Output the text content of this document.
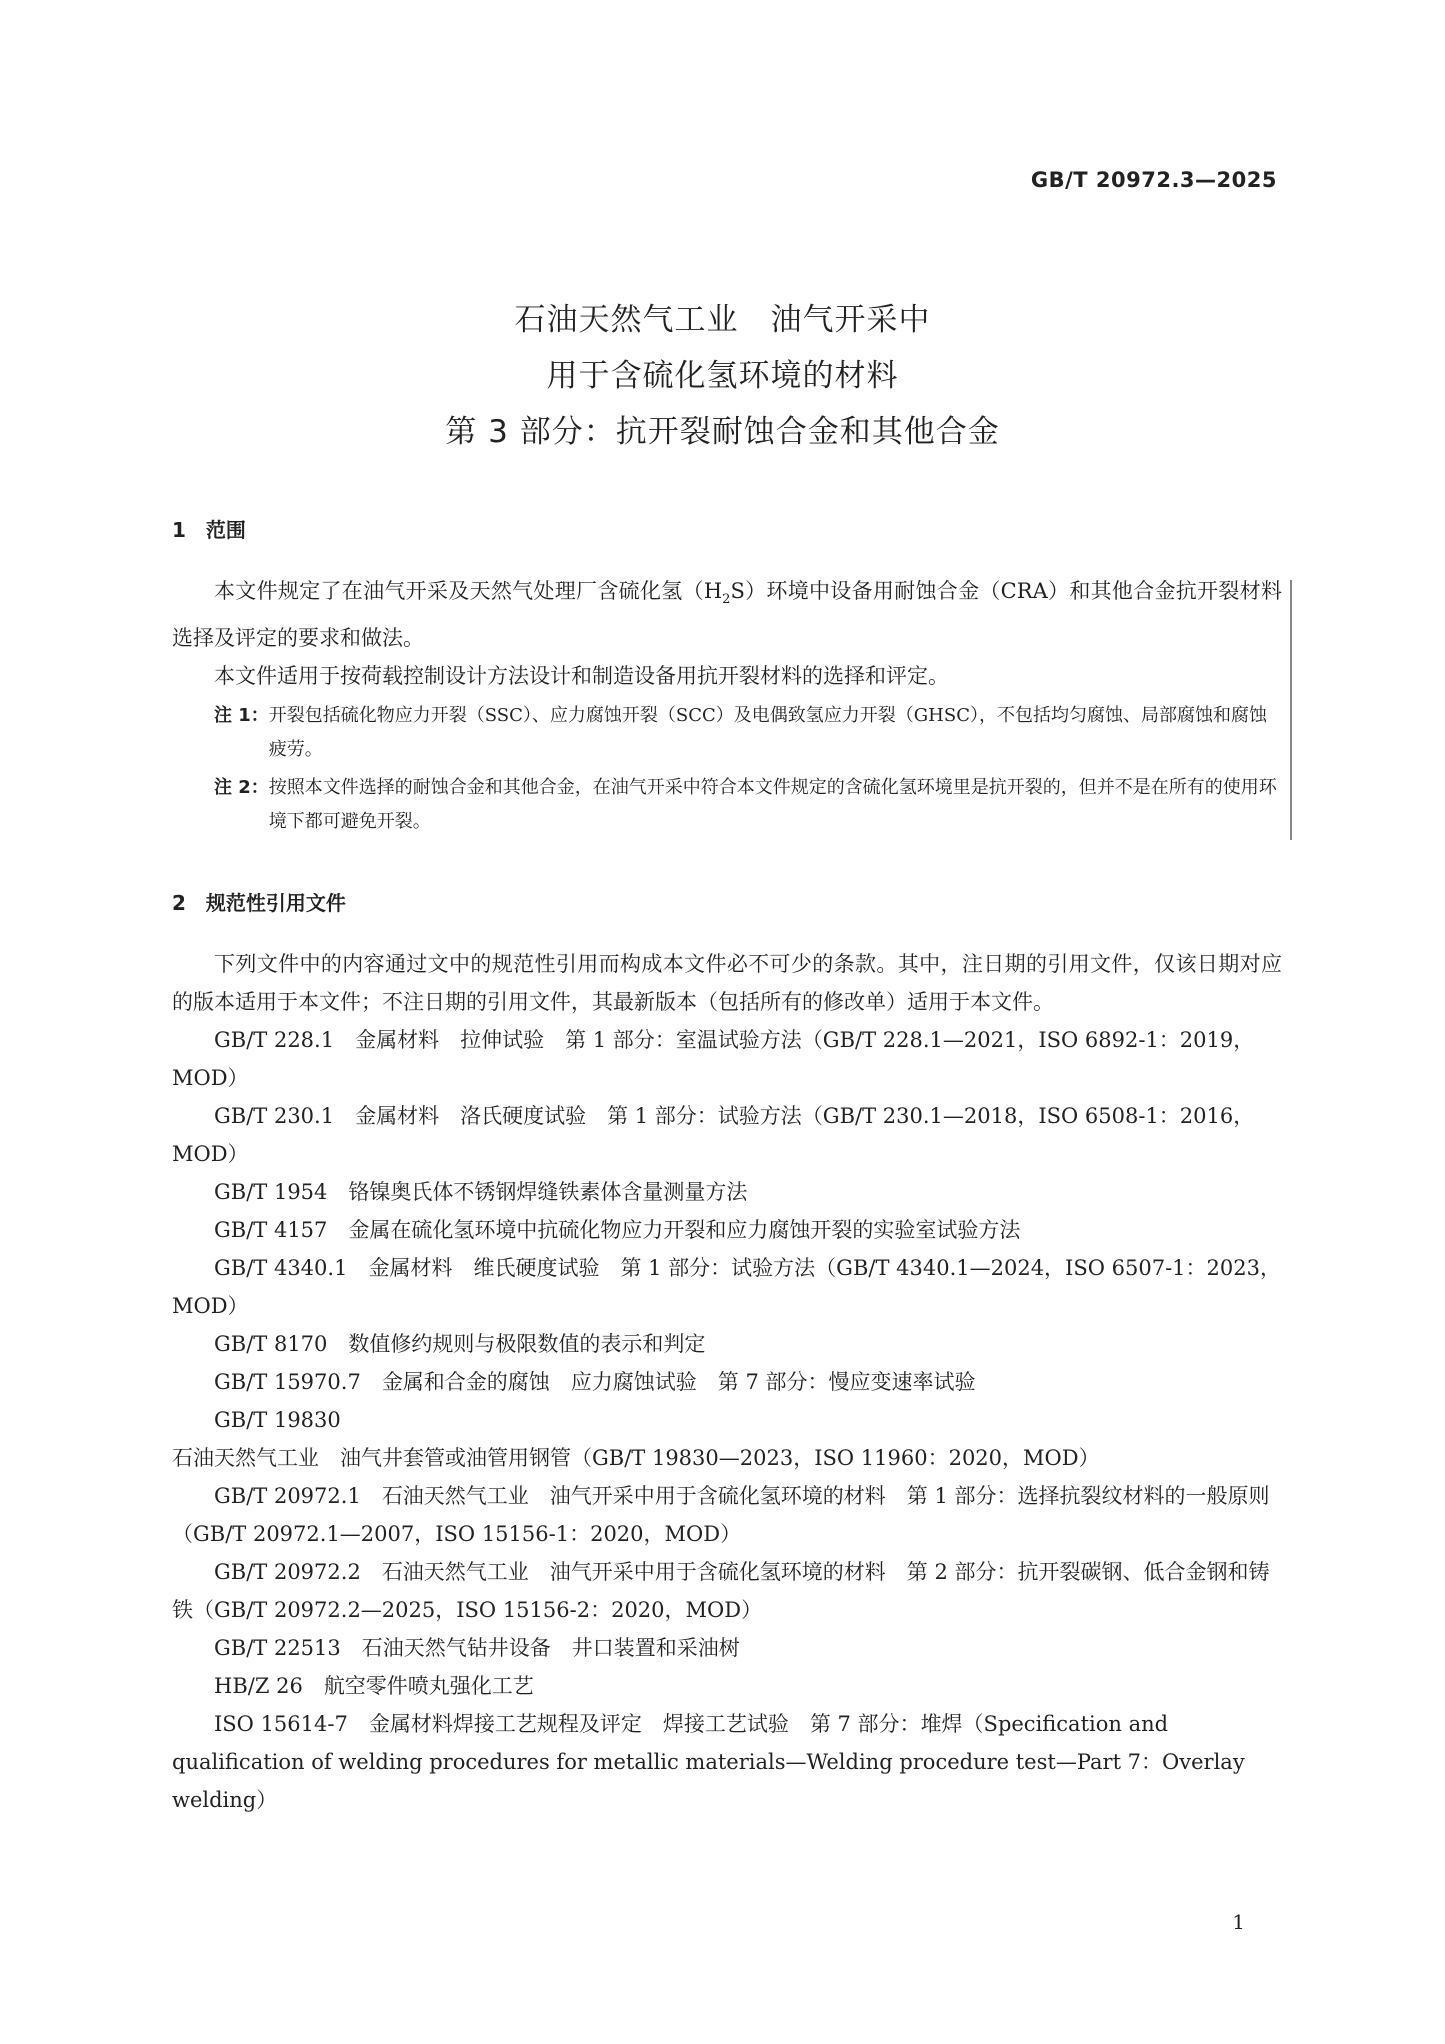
GB/T 20972.3—2025
石油天然气工业　油气开采中
用于含硫化氢环境的材料
第 3 部分：抗开裂耐蚀合金和其他合金
1　范围

本文件规定了在油气开采及天然气处理厂含硫化氢$(H_2S)$环境中设备用耐蚀合金（CRA）和其他合金抗开裂材料选择及评定的要求和做法。

本文件适用于按荷载控制设计方法设计和制造设备用抗开裂材料的选择和评定。

注 1： 开裂包括硫化物应力开裂（SSC）、应力腐蚀开裂（SCC）及电偶致氢应力开裂（GHSC），不包括均匀腐蚀、局部腐蚀和腐蚀疲劳。
注 2： 按照本文件选择的耐蚀合金和其他合金，在油气开采中符合本文件规定的含硫化氢环境里是抗开裂的，但并不是在所有的使用环境下都可避免开裂。
2　规范性引用文件

下列文件中的内容通过文中的规范性引用而构成本文件必不可少的条款。其中，注日期的引用文件，仅该日期对应的版本适用于本文件；不注日期的引用文件，其最新版本（包括所有的修改单）适用于本文件。

GB/T 228.1　金属材料　拉伸试验　第 1 部分：室温试验方法（GB/T 228.1—2021，ISO 6892-1：2019，MOD）

GB/T 230.1　金属材料　洛氏硬度试验　第 1 部分：试验方法（GB/T 230.1—2018，ISO 6508-1：2016，MOD）

GB/T 1954　铬镍奥氏体不锈钢焊缝铁素体含量测量方法

GB/T 4157　金属在硫化氢环境中抗硫化物应力开裂和应力腐蚀开裂的实验室试验方法

GB/T 4340.1　金属材料　维氏硬度试验　第 1 部分：试验方法（GB/T 4340.1—2024，ISO 6507-1：2023，MOD）

GB/T 8170　数值修约规则与极限数值的表示和判定

GB/T 15970.7　金属和合金的腐蚀　应力腐蚀试验　第 7 部分：慢应变速率试验

GB/T 19830　石油天然气工业　油气井套管或油管用钢管（GB/T 19830—2023，ISO 11960：2020，MOD）

GB/T 20972.1　石油天然气工业　油气开采中用于含硫化氢环境的材料　第 1 部分：选择抗裂纹材料的一般原则（GB/T 20972.1—2007，ISO 15156-1：2020，MOD）

GB/T 20972.2　石油天然气工业　油气开采中用于含硫化氢环境的材料　第 2 部分：抗开裂碳钢、低合金钢和铸铁（GB/T 20972.2—2025，ISO 15156-2：2020，MOD）

GB/T 22513　石油天然气钻井设备　井口装置和采油树

HB/Z 26　航空零件喷丸强化工艺

ISO 15614-7　金属材料焊接工艺规程及评定　焊接工艺试验　第 7 部分：堆焊（Specification and qualification of welding procedures for metallic materials—Welding procedure test—Part 7：Overlay welding）

1
